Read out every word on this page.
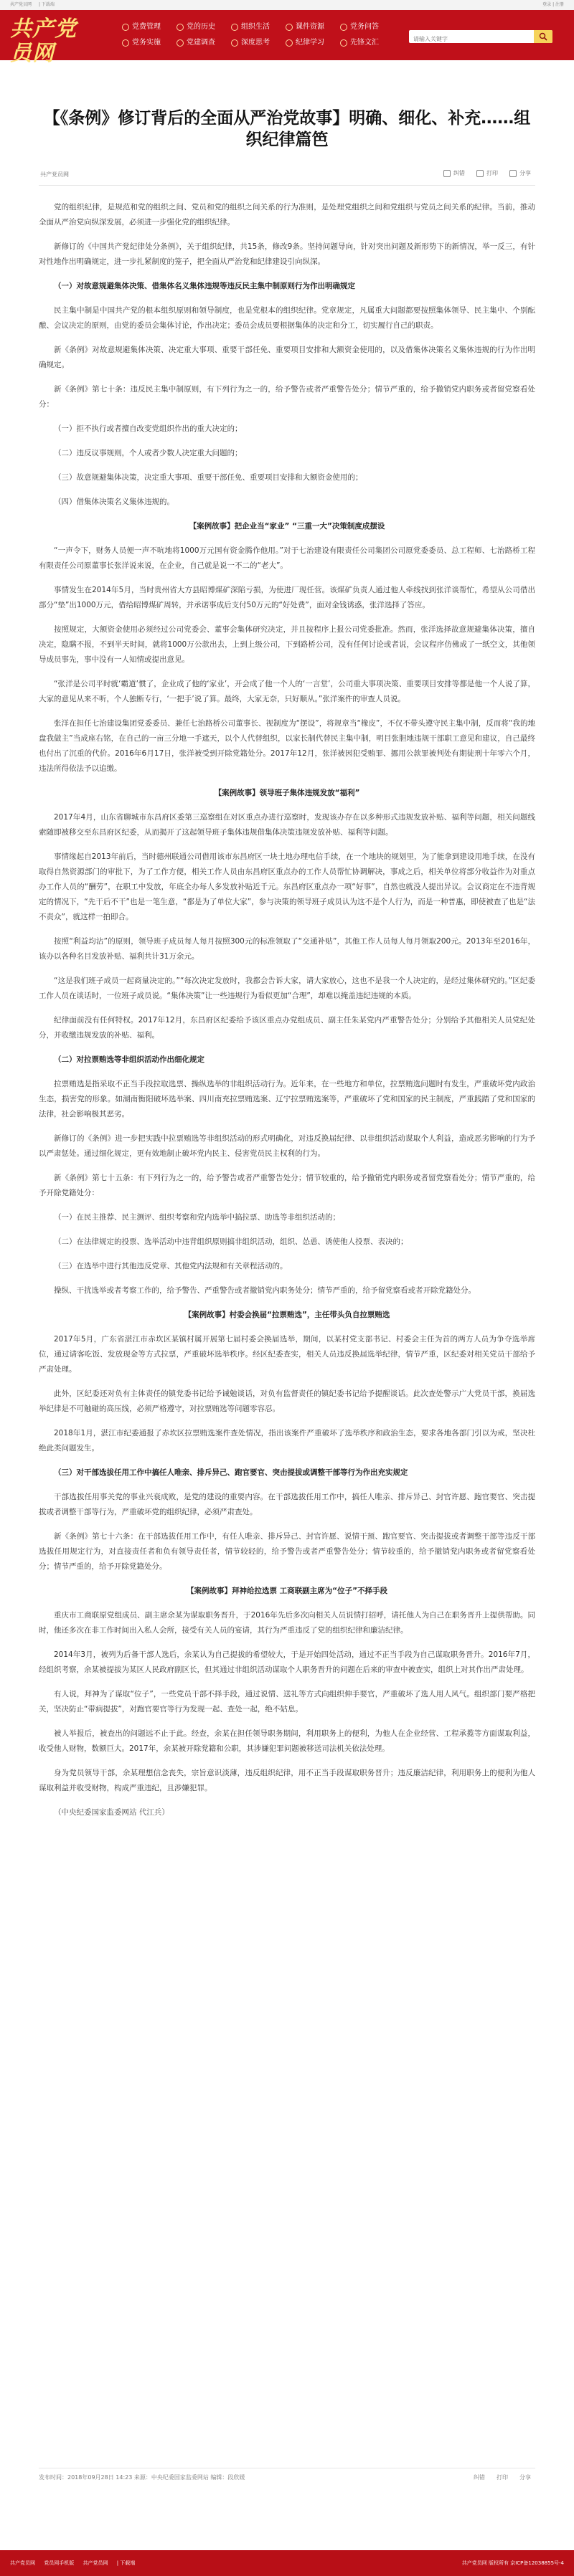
共产党员网 | 下载端	登录 | 注册
共产党员网
www.12371.cn
党费管理	党的历史	组织生活	课件资源	党务问答
党务实施	党建调查	深度思考	纪律学习	先锋文汇
请输入关键字
【《条例》修订背后的全面从严治党故事】明确、细化、补充……组织纪律篇笆
共产党员网	纠错	打印	分享

党的组织纪律，是规范和党的组织之间、党员和党的组织之间关系的行为准则，是处理党组织之间和党组织与党员之间关系的纪律。当前，推动全面从严治党向纵深发展，必须进一步强化党的组织纪律。

新修订的《中国共产党纪律处分条例》，关于组织纪律，共15条，修改9条。坚持问题导向，针对突出问题及新形势下的新情况，举一反三，有针对性地作出明确规定，进一步扎紧制度的笼子，把全面从严治党和纪律建设引向纵深。

（一）对故意规避集体决策、借集体名义集体违规等违反民主集中制原则行为作出明确规定

民主集中制是中国共产党的根本组织原则和领导制度，也是党根本的组织纪律。党章规定，凡属重大问题都要按照集体领导、民主集中、个别酝酿、会议决定的原则，由党的委员会集体讨论，作出决定；委员会成员要根据集体的决定和分工，切实履行自己的职责。

新《条例》对故意规避集体决策、决定重大事项、重要干部任免、重要项目安排和大额资金使用的，以及借集体决策名义集体违规的行为作出明确规定。

新《条例》第七十条：违反民主集中制原则，有下列行为之一的，给予警告或者严重警告处分；情节严重的，给予撤销党内职务或者留党察看处分：

（一）拒不执行或者擅自改变党组织作出的重大决定的；

（二）违反议事规则，个人或者少数人决定重大问题的；

（三）故意规避集体决策，决定重大事项、重要干部任免、重要项目安排和大额资金使用的；

（四）借集体决策名义集体违规的。

【案例故事】把企业当“家业” “三重一大”决策制度成摆设

“一声令下，财务人员便一声不吭地将1000万元国有资金腾作他用。”对于七治建设有限责任公司集团公司原党委委员、总工程师、七治路桥工程有限责任公司原董事长张洋说来说，在企业，自己就是说一不二的“老大”。

事情发生在2014年5月，当时贵州省大方县昭博煤矿深陷亏损，为使进厂现任营。该煤矿负责人通过他人牵线找到张洋谈帮忙，希望从公司借出部分“垫”出1000万元，借给昭博煤矿周转，并承诺事成后支付50万元的“好处费”，面对金钱诱惑，张洋选择了答应。

按照规定，大额资金使用必须经过公司党委会、董事会集体研究决定，并且按程序上报公司党委批准。然而，张洋选择故意规避集体决策，擅自决定，隐瞒不报，不到半天时间，就将1000万公款出去，上到上级公司，下到路桥公司，没有任何讨论或者说，会议程序仿佛成了一纸空文，其他领导成员事先，事中没有一人知情或提出意见。

“张洋是公司平时就‘霸道’惯了，企业成了他的‘家业’，开会成了他一个人的‘一言堂’，公司重大事项决策、重要项目安排等都是他一个人说了算，大家的意见从来不听，个人独断专行，‘一把手’说了算。最终，大家无奈，只好顺从。”张洋案件的审查人员说。

张洋在担任七治建设集团党委委员、兼任七治路桥公司董事长、视制度为“摆设”，将规章当“橡皮”，不仅不带头遵守民主集中制，反而将“我的地盘我做主”当成座右铭，在自己的一亩三分地一手遮天，以个人代替组织，以家长制代替民主集中制，明目张胆地违规干部职工意见和建议，自己最终也付出了沉重的代价。2016年6月17日，张洋被受到开除党籍处分。2017年12月，张洋被因犯受贿罪、挪用公款罪被判处有期徒刑十年零六个月，违法所得依法予以追缴。

【案例故事】领导班子集体违规发放“福利”

2017年4月，山东省聊城市东昌府区委第三巡察组在对区重点办进行巡察时，发现该办存在以多种形式违规发放补贴、福利等问题，相关问题线索随即被移交至东昌府区纪委，从而揭开了这起领导班子集体违规借集体决策违规发放补贴、福利等问题。

事情缘起自2013年前后，当时德州联通公司借用该市东昌府区一块土地办理电信手续，在一个地块的规划里，为了能拿到建设用地手续，在没有取得自然资源部门的审批下，为了工作方便，相关工作人员由东昌府区重点办的工作人员帮忙协调解决，事成之后，相关单位将部分收益作为对重点办工作人员的“酬劳”，在职工中发放，年底全办每人多发放补贴近千元。东昌府区重点办一项“好事”，自然也就没人提出异议。会议商定在不违背规定的情况下，“先干后不干”也是一笔生意，“都是为了单位大家”，参与决策的领导班子成员认为这不是个人行为，而是一种普惠，即使被查了也是“法不责众”，就这样一拍即合。

按照“利益均沾”的原则，领导班子成员每人每月按照300元的标准领取了“交通补贴”，其他工作人员每人每月领取200元。2013年至2016年，该办以各种名目发放补贴、福利共计31万余元。

“这是我们班子成员一起商量决定的。”“每次决定发放时，我都会告诉大家，请大家放心，这也不是我一个人决定的，是经过集体研究的。”区纪委工作人员在谈话时，一位班子成员说。“集体决策”让一些违规行为看似更加“合理”，却难以掩盖违纪违规的本质。

纪律面前没有任何特权。2017年12月，东昌府区纪委给予该区重点办党组成员、副主任朱某党内严重警告处分；分别给予其他相关人员党纪处分，并收缴违规发放的补贴、福利。

（二）对拉票贿选等非组织活动作出细化规定

拉票贿选是指采取不正当手段拉取选票、操纵选举的非组织活动行为。近年来，在一些地方和单位，拉票贿选问题时有发生，严重破坏党内政治生态，损害党的形象。如湖南衡阳破坏选举案、四川南充拉票贿选案、辽宁拉票贿选案等，严重破坏了党和国家的民主制度，严重践踏了党和国家的法律，社会影响极其恶劣。

新修订的《条例》进一步把实践中拉票贿选等非组织活动的形式明确化，对违反换届纪律、以非组织活动谋取个人利益，造成恶劣影响的行为予以严肃惩处。通过细化规定，更有效地制止破坏党内民主、侵害党员民主权利的行为。

新《条例》第七十五条：有下列行为之一的，给予警告或者严重警告处分；情节较重的，给予撤销党内职务或者留党察看处分；情节严重的，给予开除党籍处分：

（一）在民主推荐、民主测评、组织考察和党内选举中搞拉票、助选等非组织活动的；

（二）在法律规定的投票、选举活动中违背组织原则搞非组织活动，组织、怂恿、诱使他人投票、表决的；

（三）在选举中进行其他违反党章、其他党内法规和有关章程活动的。

操纵、干扰选举或者考察工作的，给予警告、严重警告或者撤销党内职务处分；情节严重的，给予留党察看或者开除党籍处分。

【案例故事】村委会换届“拉票贿选”，主任带头负自拉票贿选

2017年5月，广东省湛江市赤坎区某镇村属开展第七届村委会换届选举，期间，以某村党支部书记、村委会主任为首的两方人员为争夺选举席位，通过请客吃饭、发放现金等方式拉票，严重破坏选举秩序。经区纪委查实，相关人员违反换届选举纪律，情节严重，区纪委对相关党员干部给予严肃处理。

此外，区纪委还对负有主体责任的镇党委书记给予诫勉谈话，对负有监督责任的镇纪委书记给予提醒谈话。此次查处警示广大党员干部，换届选举纪律是不可触碰的高压线，必须严格遵守，对拉票贿选等问题零容忍。

2018年1月，湛江市纪委通报了赤坎区拉票贿选案件查处情况，指出该案件严重破坏了选举秩序和政治生态，要求各地各部门引以为戒，坚决杜绝此类问题发生。

（三）对干部选拔任用工作中搞任人唯亲、排斥异己、跑官要官、突击提拔或调整干部等行为作出充实规定

干部选拔任用事关党的事业兴衰成败，是党的建设的重要内容。在干部选拔任用工作中，搞任人唯亲、排斥异己、封官许愿、跑官要官、突击提拔或者调整干部等行为，严重破坏党的组织纪律，必须严肃查处。

新《条例》第七十六条：在干部选拔任用工作中，有任人唯亲、排斥异己、封官许愿、说情干预、跑官要官、突击提拔或者调整干部等违反干部选拔任用规定行为，对直接责任者和负有领导责任者，情节较轻的，给予警告或者严重警告处分；情节较重的，给予撤销党内职务或者留党察看处分；情节严重的，给予开除党籍处分。

【案例故事】拜神给拉选票 工商联副主席为“位子”不择手段

重庆市工商联原党组成员、副主席余某为谋取职务晋升，于2016年先后多次向相关人员说情打招呼，请托他人为自己在职务晋升上提供帮助。同时，他还多次在非工作时间出入私人会所，接受有关人员的宴请，其行为严重违反了党的组织纪律和廉洁纪律。

2014年3月，被列为后备干部人选后，余某认为自己提拔的希望较大，于是开始四处活动，通过不正当手段为自己谋取职务晋升。2016年7月，经组织考察，余某被提拔为某区人民政府副区长，但其通过非组织活动谋取个人职务晋升的问题在后来的审查中被查实，组织上对其作出严肃处理。

有人说，拜神为了谋取“位子”，一些党员干部不择手段，通过说情、送礼等方式向组织伸手要官，严重破坏了选人用人风气。组织部门要严格把关，坚决防止“带病提拔”，对跑官要官等行为发现一起、查处一起，绝不姑息。

被人举报后，被查出的问题远不止于此。经查，余某在担任领导职务期间，利用职务上的便利，为他人在企业经营、工程承揽等方面谋取利益，收受他人财物，数额巨大。2017年，余某被开除党籍和公职，其涉嫌犯罪问题被移送司法机关依法处理。

身为党员领导干部，余某理想信念丧失，宗旨意识淡薄，违反组织纪律，用不正当手段谋取职务晋升；违反廉洁纪律，利用职务上的便利为他人谋取利益并收受财物，构成严重违纪，且涉嫌犯罪。

（中央纪委国家监委网站 代江兵）

发布时间：2018年09月28日 14:23 来源：中央纪委国家监委网站 编辑：段欣媛	纠错 打印 分享
共产党员网 党员网手机版 共产党员网 | 下载端	共产党员网 版权所有 京ICP备12038855号-4
